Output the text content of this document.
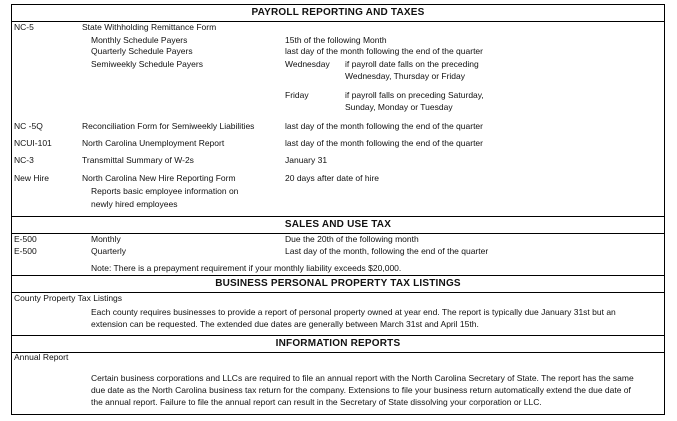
PAYROLL REPORTING AND TAXES
NC-5	State Withholding Remittance Form
Monthly Schedule Payers	15th of the following Month
Quarterly Schedule Payers	last day of the month following the end of the quarter
Semiweekly Schedule Payers	Wednesday if payroll date falls on the preceding
Wednesday, Thursday or Friday
Friday	if payroll falls on preceding Saturday,
Sunday, Monday or Tuesday
NC -5Q	Reconciliation Form for Semiweekly Liabilities	last day of the month following the end of the quarter
NCUI-101	North Carolina Unemployment Report	last day of the month following the end of the quarter
NC-3	Transmittal Summary of W-2s	January 31
New Hire	North Carolina New Hire Reporting Form	20 days after date of hire
Reports basic employee information on
newly hired employees
SALES AND USE TAX
E-500	Monthly	Due the 20th of the following month
E-500	Quarterly	Last day of the month, following the end of the quarter
Note: There is a prepayment requirement if your monthly liability exceeds $20,000.
BUSINESS PERSONAL PROPERTY TAX LISTINGS
County Property Tax Listings
Each county requires businesses to provide a report of personal property owned at year end. The report is typically due January 31st but an
extension can be requested. The extended due dates are generally between March 31st and April 15th.
INFORMATION REPORTS
Annual Report
Certain business corporations and LLCs are required to file an annual report with the North Carolina Secretary of State. The report has the same
due date as the North Carolina business tax return for the company. Extensions to file your business return automatically extend the due date of
the annual report. Failure to file the annual report can result in the Secretary of State dissolving your corporation or LLC.
